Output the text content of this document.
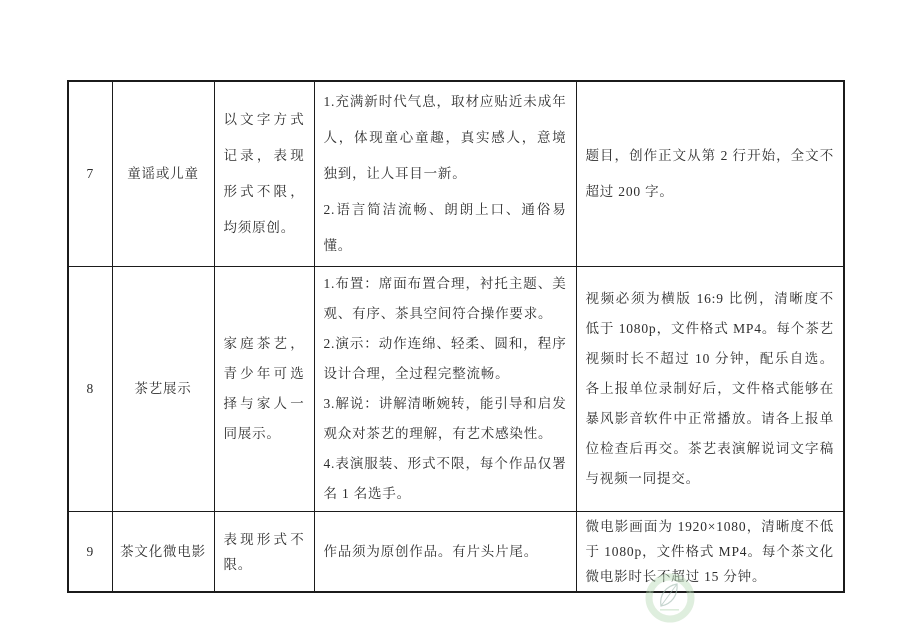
7	童谣或儿童	以文字方式记录，表现形式不限，均须原创。	1.充满新时代气息，取材应贴近未成年人，体现童心童趣，真实感人，意境独到，让人耳目一新。

2.语言简洁流畅、朗朗上口、通俗易懂。	题目，创作正文从第 2 行开始，全文不超过 200 字。
8	茶艺展示	家庭茶艺，青少年可选择与家人一同展示。	1.布置：席面布置合理，衬托主题、美观、有序、茶具空间符合操作要求。

2.演示：动作连绵、轻柔、圆和，程序设计合理，全过程完整流畅。

3.解说：讲解清晰婉转，能引导和启发观众对茶艺的理解，有艺术感染性。

4.表演服装、形式不限，每个作品仅署名 1 名选手。	视频必须为横版 16:9 比例，清晰度不低于 1080p，文件格式 MP4。每个茶艺视频时长不超过 10 分钟，配乐自选。各上报单位录制好后，文件格式能够在暴风影音软件中正常播放。请各上报单位检查后再交。茶艺表演解说词文字稿与视频一同提交。
9	茶文化微电影	表现形式不限。	作品须为原创作品。有片头片尾。	微电影画面为 1920×1080，清晰度不低于 1080p，文件格式 MP4。每个茶文化微电影时长不超过 15 分钟。
